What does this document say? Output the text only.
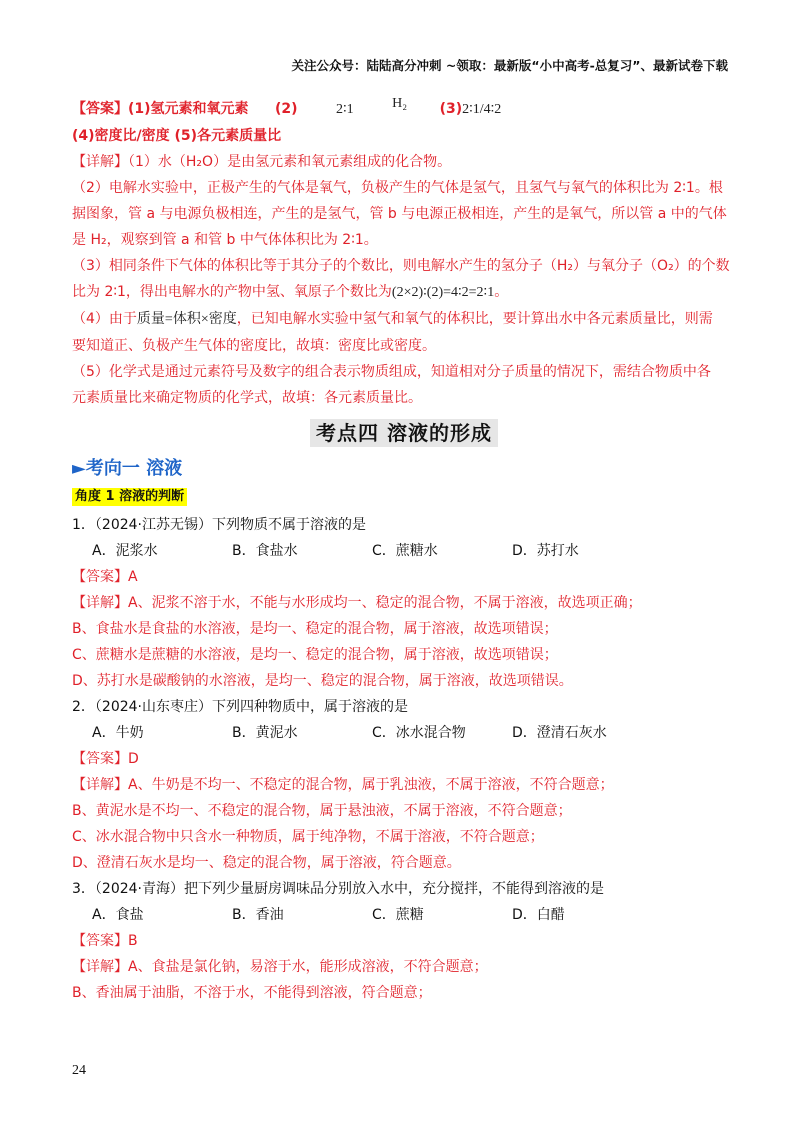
关注公众号：陆陆高分冲刺 ~领取：最新版“小中高考-总复习”、最新试卷下载
【答案】(1)氢元素和氧元素 (2)	2∶1	H₂ (3)2∶1/4∶2
(4)密度比/密度 (5)各元素质量比
【详解】（1）水（H₂O）是由氢元素和氧元素组成的化合物。
（2）电解水实验中，正极产生的气体是氧气，负极产生的气体是氢气，且氢气与氧气的体积比为 2∶1。根
据图象，管 a 与电源负极相连，产生的是氢气，管 b 与电源正极相连，产生的是氧气，所以管 a 中的气体
是 H₂，观察到管 a 和管 b 中气体体积比为 2∶1。
（3）相同条件下气体的体积比等于其分子的个数比，则电解水产生的氢分子（H₂）与氧分子（O₂）的个数
比为 2∶1，得出电解水的产物中氢、氧原子个数比为(2×2)∶(2)=4∶2=2∶1。
（4）由于质量=体积×密度，已知电解水实验中氢气和氧气的体积比，要计算出水中各元素质量比，则需
要知道正、负极产生气体的密度比，故填：密度比或密度。
（5）化学式是通过元素符号及数字的组合表示物质组成，知道相对分子质量的情况下，需结合物质中各
元素质量比来确定物质的化学式，故填：各元素质量比。
考点四 溶液的形成
►考向一 溶液
角度 1 溶液的判断
1．（2024·江苏无锡）下列物质不属于溶液的是
A．泥浆水	B．食盐水	C．蔗糖水	D．苏打水
【答案】A
【详解】A、泥浆不溶于水，不能与水形成均一、稳定的混合物，不属于溶液，故选项正确；
B、食盐水是食盐的水溶液，是均一、稳定的混合物，属于溶液，故选项错误；
C、蔗糖水是蔗糖的水溶液，是均一、稳定的混合物，属于溶液，故选项错误；
D、苏打水是碳酸钠的水溶液，是均一、稳定的混合物，属于溶液，故选项错误。
2．（2024·山东枣庄）下列四种物质中，属于溶液的是
A．牛奶	B．黄泥水	C．冰水混合物	D．澄清石灰水
【答案】D
【详解】A、牛奶是不均一、不稳定的混合物，属于乳浊液，不属于溶液，不符合题意；
B、黄泥水是不均一、不稳定的混合物，属于悬浊液，不属于溶液，不符合题意；
C、冰水混合物中只含水一种物质，属于纯净物，不属于溶液，不符合题意；
D、澄清石灰水是均一、稳定的混合物，属于溶液，符合题意。
3．（2024·青海）把下列少量厨房调味品分别放入水中，充分搅拌，不能得到溶液的是
A．食盐	B．香油	C．蔗糖	D．白醋
【答案】B
【详解】A、食盐是氯化钠，易溶于水，能形成溶液，不符合题意；
B、香油属于油脂，不溶于水，不能得到溶液，符合题意；
24
